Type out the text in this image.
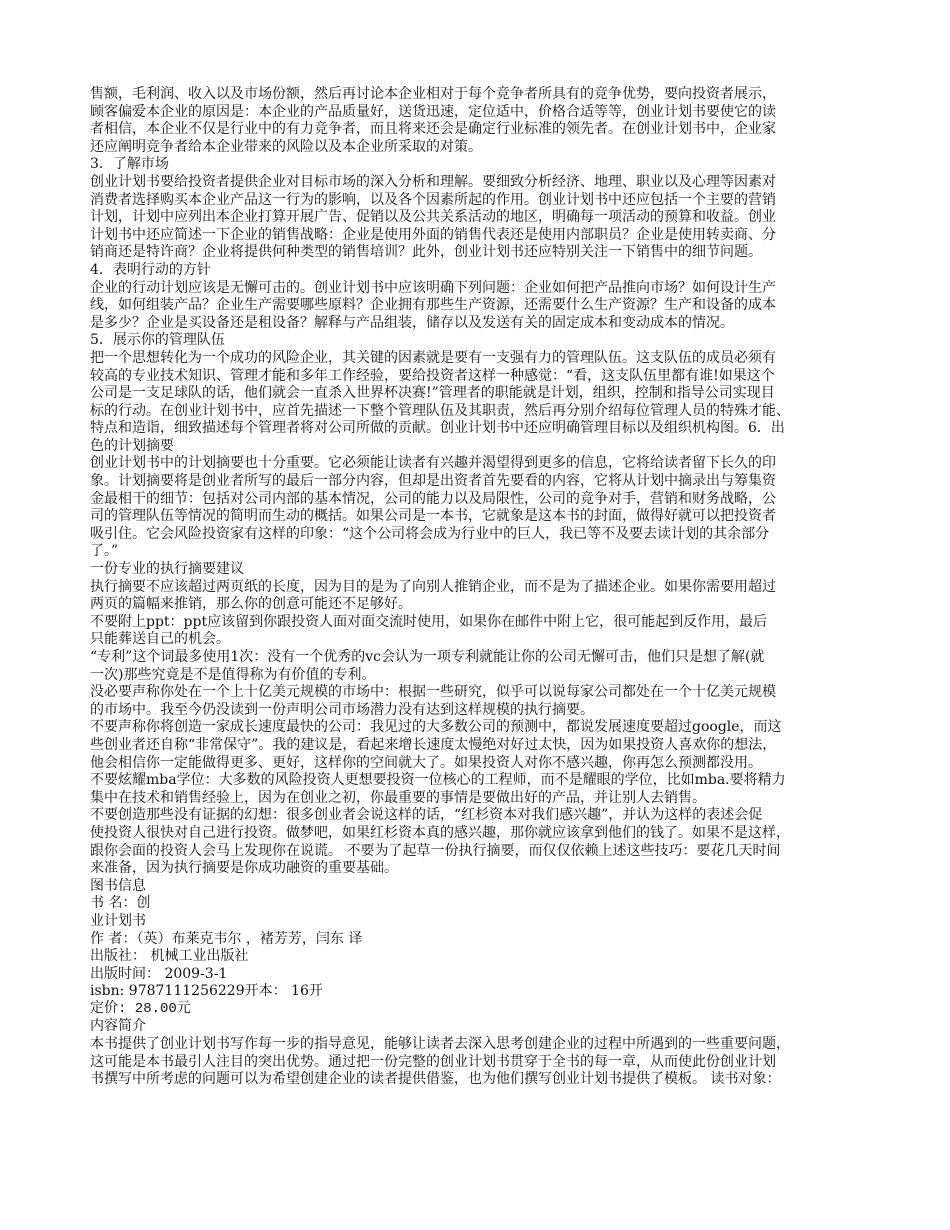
售额，毛利润、收入以及市场份额，然后再讨论本企业相对于每个竞争者所具有的竞争优势，要向投资者展示，

顾客偏爱本企业的原因是：本企业的产品质量好，送货迅速，定位适中，价格合适等等，创业计划书要使它的读

者相信，本企业不仅是行业中的有力竞争者，而且将来还会是确定行业标准的领先者。在创业计划书中，企业家

还应阐明竞争者给本企业带来的风险以及本企业所采取的对策。

3．了解市场

创业计划书要给投资者提供企业对目标市场的深入分析和理解。要细致分析经济、地理、职业以及心理等因素对

消费者选择购买本企业产品这一行为的影响，以及各个因素所起的作用。创业计划书中还应包括一个主要的营销

计划，计划中应列出本企业打算开展广告、促销以及公共关系活动的地区，明确每一项活动的预算和收益。创业

计划书中还应简述一下企业的销售战略：企业是使用外面的销售代表还是使用内部职员？企业是使用转卖商、分

销商还是特许商？企业将提供何种类型的销售培训？此外，创业计划书还应特别关注一下销售中的细节问题。

4．表明行动的方针

企业的行动计划应该是无懈可击的。创业计划书中应该明确下列问题：企业如何把产品推向市场？如何设计生产

线，如何组装产品？企业生产需要哪些原料？企业拥有那些生产资源，还需要什么生产资源？生产和设备的成本

是多少？企业是买设备还是租设备？解释与产品组装，储存以及发送有关的固定成本和变动成本的情况。

5．展示你的管理队伍

把一个思想转化为一个成功的风险企业，其关键的因素就是要有一支强有力的管理队伍。这支队伍的成员必须有

较高的专业技术知识、管理才能和多年工作经验，要给投资者这样一种感觉：“看，这支队伍里都有谁!如果这个

公司是一支足球队的话，他们就会一直杀入世界杯决赛!”管理者的职能就是计划，组织，控制和指导公司实现目

标的行动。在创业计划书中，应首先描述一下整个管理队伍及其职责，然后再分别介绍每位管理人员的特殊才能、

特点和造诣，细致描述每个管理者将对公司所做的贡献。创业计划书中还应明确管理目标以及组织机构图。6．出

色的计划摘要

创业计划书中的计划摘要也十分重要。它必须能让读者有兴趣并渴望得到更多的信息，它将给读者留下长久的印

象。计划摘要将是创业者所写的最后一部分内容，但却是出资者首先要看的内容，它将从计划中摘录出与筹集资

金最相干的细节：包括对公司内部的基本情况，公司的能力以及局限性，公司的竞争对手，营销和财务战略，公

司的管理队伍等情况的简明而生动的概括。如果公司是一本书，它就象是这本书的封面，做得好就可以把投资者

吸引住。它会风险投资家有这样的印象：“这个公司将会成为行业中的巨人，我已等不及要去读计划的其余部分

了。”

一份专业的执行摘要建议

执行摘要不应该超过两页纸的长度，因为目的是为了向别人推销企业，而不是为了描述企业。如果你需要用超过

两页的篇幅来推销，那么你的创意可能还不足够好。

不要附上ppt：ppt应该留到你跟投资人面对面交流时使用，如果你在邮件中附上它，很可能起到反作用，最后

只能葬送自己的机会。

“专利”这个词最多使用1次：没有一个优秀的vc会认为一项专利就能让你的公司无懈可击，他们只是想了解(就

一次)那些究竟是不是值得称为有价值的专利。

没必要声称你处在一个上十亿美元规模的市场中：根据一些研究，似乎可以说每家公司都处在一个十亿美元规模

的市场中。我至今仍没读到一份声明公司市场潜力没有达到这样规模的执行摘要。

不要声称你将创造一家成长速度最快的公司：我见过的大多数公司的预测中，都说发展速度要超过google，而这

些创业者还自称“非常保守”。我的建议是，看起来增长速度太慢绝对好过太快，因为如果投资人喜欢你的想法，

他会相信你一定能做得更多、更好，这样你的空间就大了。如果投资人对你不感兴趣，你再怎么预测都没用。

不要炫耀mba学位：大多数的风险投资人更想要投资一位核心的工程师，而不是耀眼的学位，比如mba.要将精力

集中在技术和销售经验上，因为在创业之初，你最重要的事情是要做出好的产品，并让别人去销售。

不要创造那些没有证据的幻想：很多创业者会说这样的话，“红杉资本对我们感兴趣”，并认为这样的表述会促

使投资人很快对自己进行投资。做梦吧，如果红杉资本真的感兴趣，那你就应该拿到他们的钱了。如果不是这样，

跟你会面的投资人会马上发现你在说谎。 不要为了起草一份执行摘要，而仅仅依赖上述这些技巧：要花几天时间

来准备，因为执行摘要是你成功融资的重要基础。

图书信息

书 名：创

业计划书

作 者：（英）布莱克韦尔 ，褚芳芳，闫东 译

出版社： 机械工业出版社

出版时间： 2009-3-1

isbn: 9787111256229开本： 16开

定价: 28.00元

内容简介

本书提供了创业计划书写作每一步的指导意见，能够让读者去深入思考创建企业的过程中所遇到的一些重要问题，

这可能是本书最引人注目的突出优势。通过把一份完整的创业计划书贯穿于全书的每一章，从而使此份创业计划

书撰写中所考虑的问题可以为希望创建企业的读者提供借鉴，也为他们撰写创业计划书提供了模板。 读书对象：
